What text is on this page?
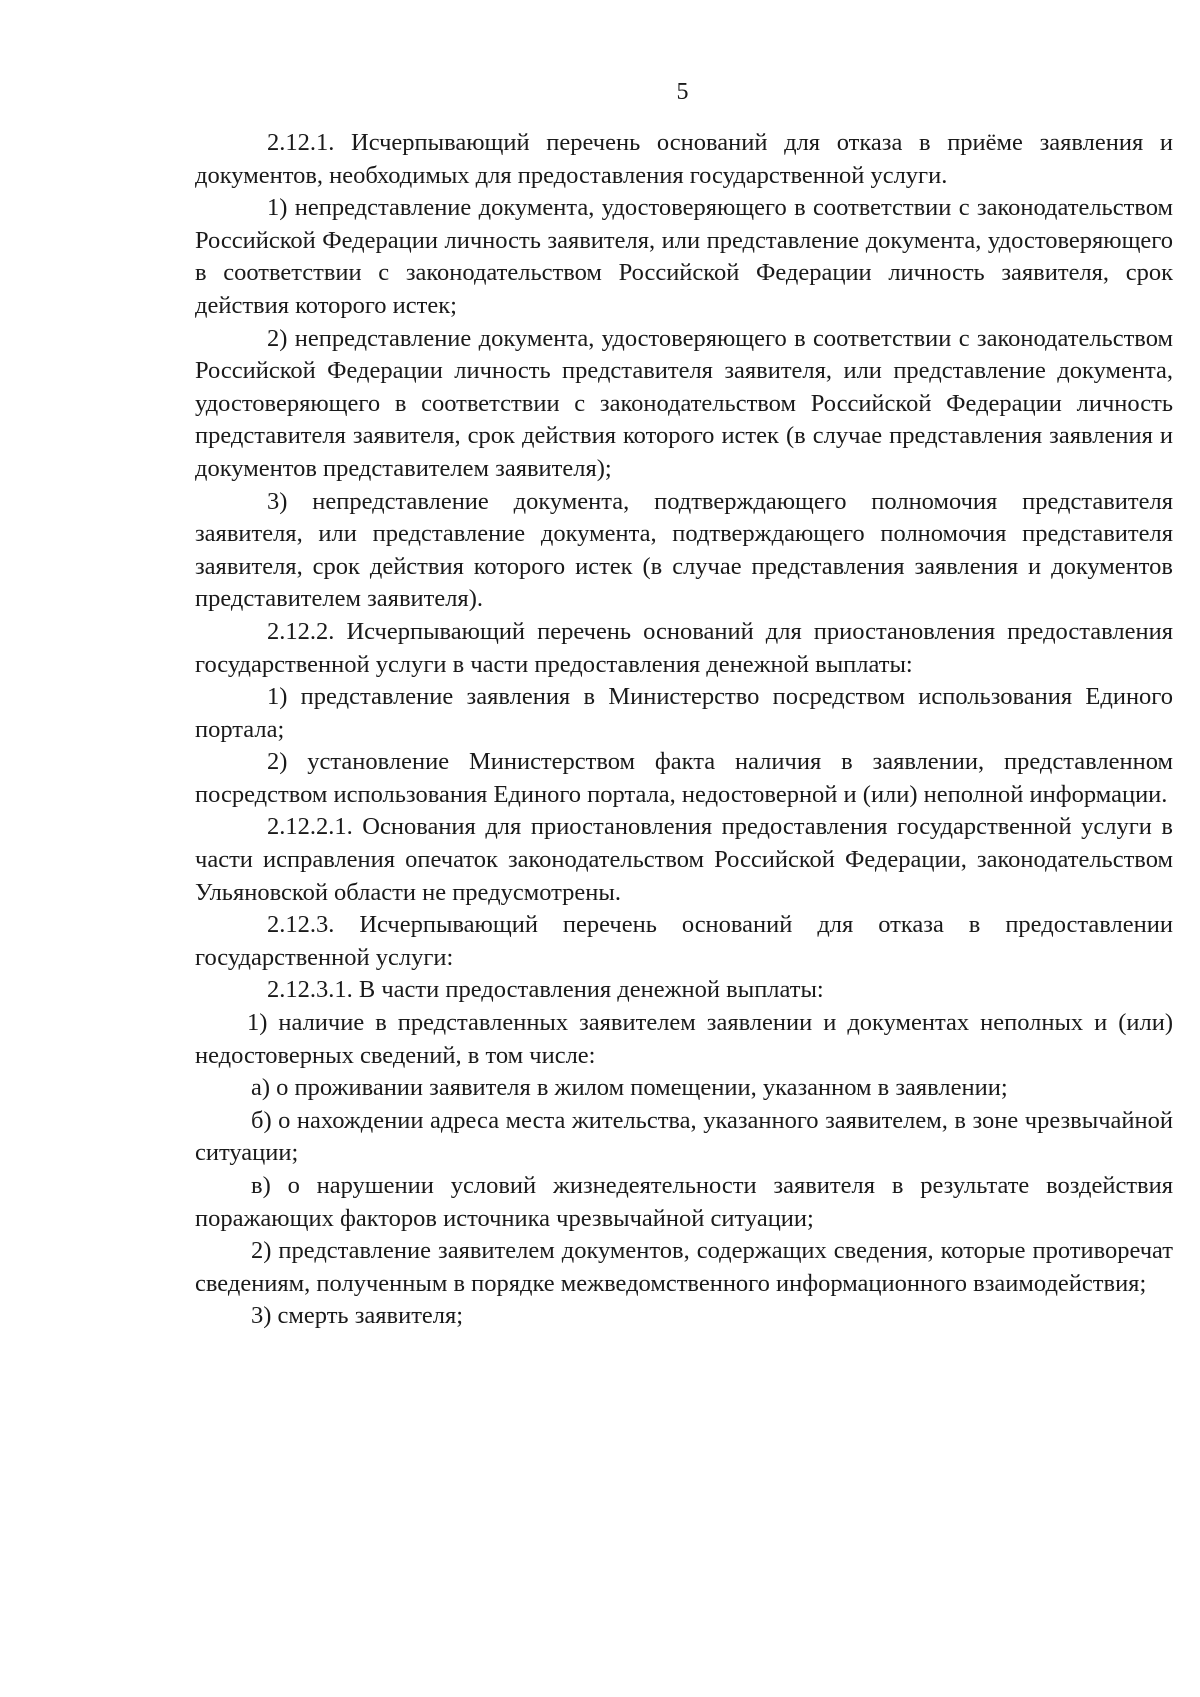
5

2.12.1. Исчерпывающий перечень оснований для отказа в приёме заявления и документов, необходимых для предоставления государственной услуги.

1) непредставление документа, удостоверяющего в соответствии с законодательством Российской Федерации личность заявителя, или представление документа, удостоверяющего в соответствии с законодательством Российской Федерации личность заявителя, срок действия которого истек;

2) непредставление документа, удостоверяющего в соответствии с законодательством Российской Федерации личность представителя заявителя, или представление документа, удостоверяющего в соответствии с законодательством Российской Федерации личность представителя заявителя, срок действия которого истек (в случае представления заявления и документов представителем заявителя);

3) непредставление документа, подтверждающего полномочия представителя заявителя, или представление документа, подтверждающего полномочия представителя заявителя, срок действия которого истек (в случае представления заявления и документов представителем заявителя).

2.12.2. Исчерпывающий перечень оснований для приостановления предоставления государственной услуги в части предоставления денежной выплаты:

1) представление заявления в Министерство посредством использования Единого портала;

2) установление Министерством факта наличия в заявлении, представленном посредством использования Единого портала, недостоверной и (или) неполной информации.

2.12.2.1. Основания для приостановления предоставления государственной услуги в части исправления опечаток законодательством Российской Федерации, законодательством Ульяновской области не предусмотрены.

2.12.3. Исчерпывающий перечень оснований для отказа в предоставлении государственной услуги:

2.12.3.1. В части предоставления денежной выплаты:

1) наличие в представленных заявителем заявлении и документах неполных и (или) недостоверных сведений, в том числе:

а) о проживании заявителя в жилом помещении, указанном в заявлении;

б) о нахождении адреса места жительства, указанного заявителем, в зоне чрезвычайной ситуации;

в) о нарушении условий жизнедеятельности заявителя в результате воздействия поражающих факторов источника чрезвычайной ситуации;

2) представление заявителем документов, содержащих сведения, которые противоречат сведениям, полученным в порядке межведомственного информационного взаимодействия;

3) смерть заявителя;
